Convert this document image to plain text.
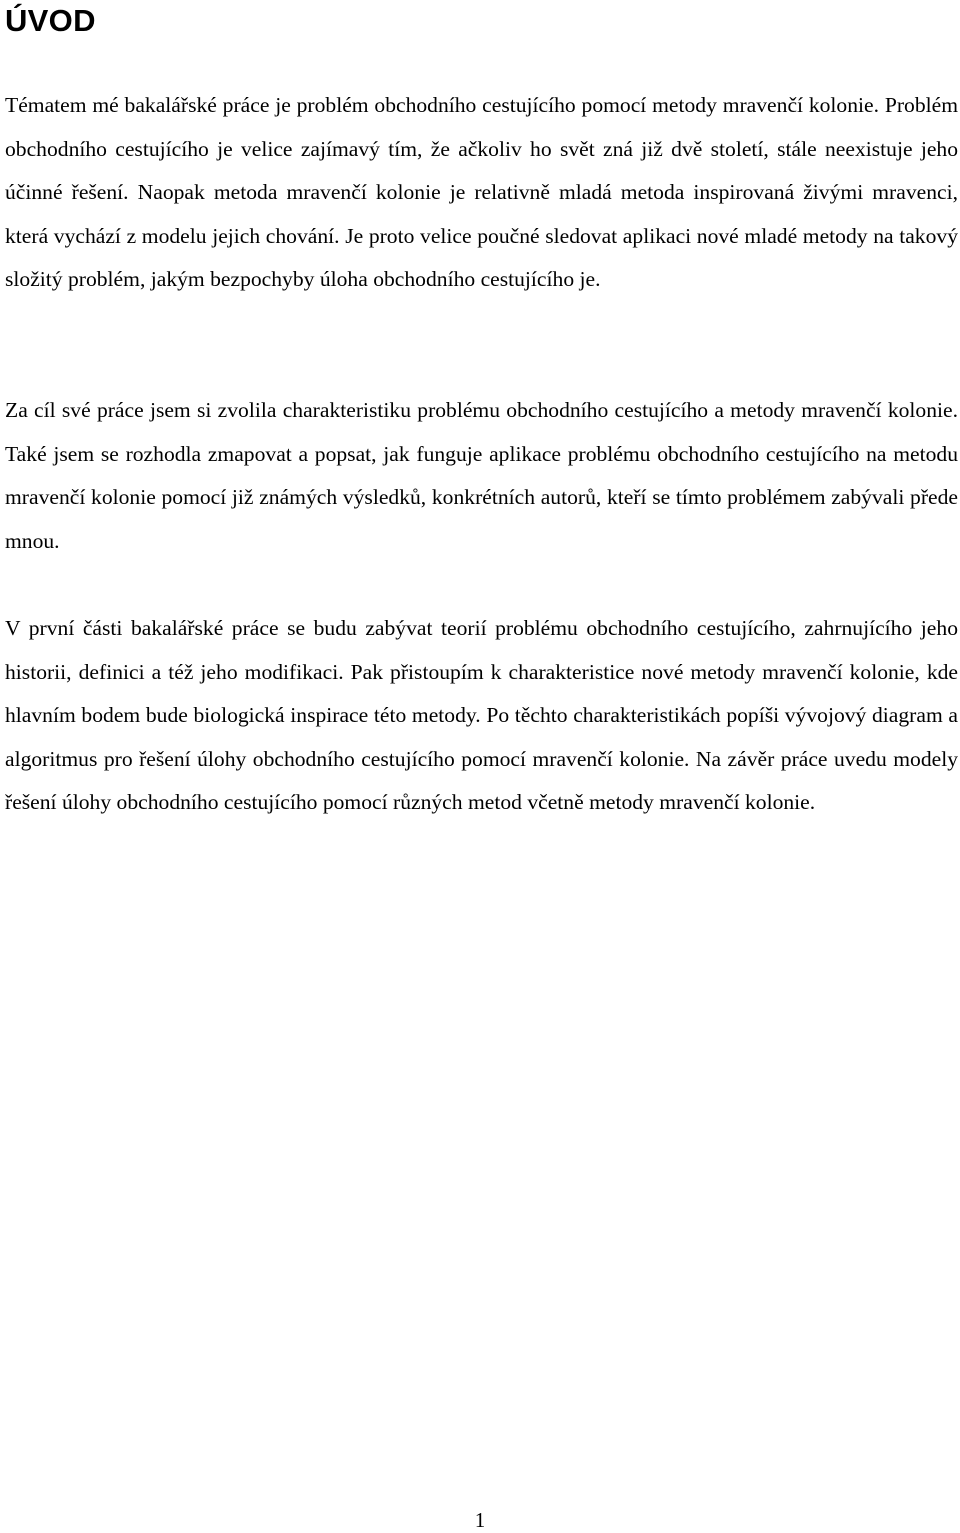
ÚVOD

Tématem mé bakalářské práce je problém obchodního cestujícího pomocí metody mravenčí kolonie. Problém obchodního cestujícího je velice zajímavý tím, že ačkoliv ho svět zná již dvě století, stále neexistuje jeho účinné řešení. Naopak metoda mravenčí kolonie je relativně mladá metoda inspirovaná živými mravenci, která vychází z modelu jejich chování. Je proto velice poučné sledovat aplikaci nové mladé metody na takový složitý problém, jakým bezpochyby úloha obchodního cestujícího je.

Za cíl své práce jsem si zvolila charakteristiku problému obchodního cestujícího a metody mravenčí kolonie. Také jsem se rozhodla zmapovat a popsat, jak funguje aplikace problému obchodního cestujícího na metodu mravenčí kolonie pomocí již známých výsledků, konkrétních autorů, kteří se tímto problémem zabývali přede mnou.

V první části bakalářské práce se budu zabývat teorií problému obchodního cestujícího, zahrnujícího jeho historii, definici a též jeho modifikaci. Pak přistoupím k charakteristice nové metody mravenčí kolonie, kde hlavním bodem bude biologická inspirace této metody. Po těchto charakteristikách popíši vývojový diagram a algoritmus pro řešení úlohy obchodního cestujícího pomocí mravenčí kolonie. Na závěr práce uvedu modely řešení úlohy obchodního cestujícího pomocí různých metod včetně metody mravenčí kolonie.

1
